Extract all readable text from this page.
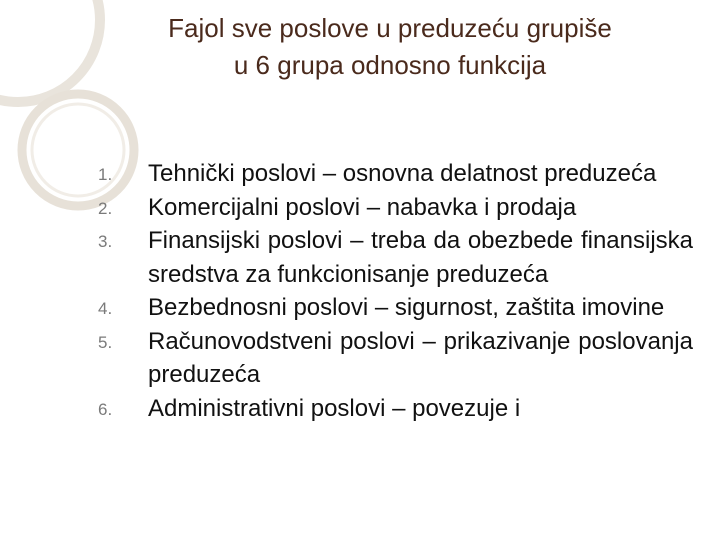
Fajol sve poslove u preduzeću grupiše
u 6 grupa odnosno funkcija
1.	Tehnički poslovi – osnovna delatnost preduzeća
2.	Komercijalni poslovi – nabavka i prodaja
3.	Finansijski poslovi – treba da obezbede finansijska sredstva za funkcionisanje preduzeća
4.	Bezbednosni poslovi – sigurnost, zaštita imovine
5.	Računovodstveni poslovi – prikazivanje poslovanja preduzeća
6.	Administrativni poslovi – povezuje i
